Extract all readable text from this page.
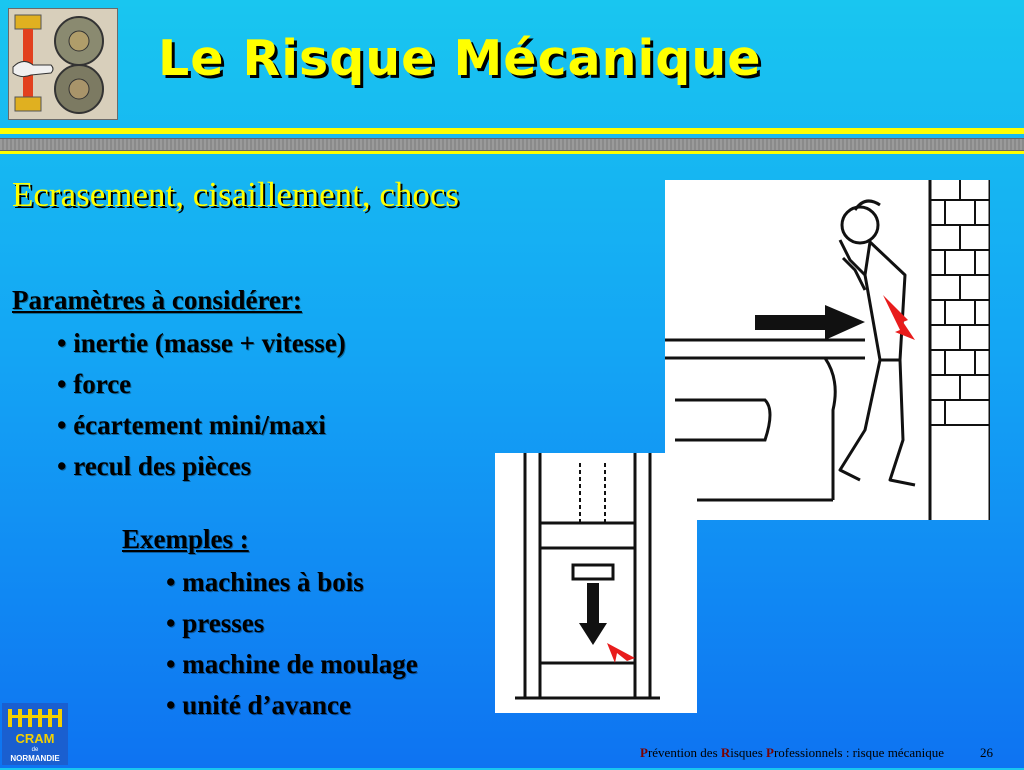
Le Risque Mécanique
Ecrasement, cisaillement, chocs
Paramètres à considérer:
• inertie (masse + vitesse)
• force
• écartement mini/maxi
• recul des pièces
Exemples :
• machines à bois
• presses
• machine de moulage
• unité d’avance
CRAM
de
NORMANDIE	Prévention des Risques Professionnels : risque mécanique	26
